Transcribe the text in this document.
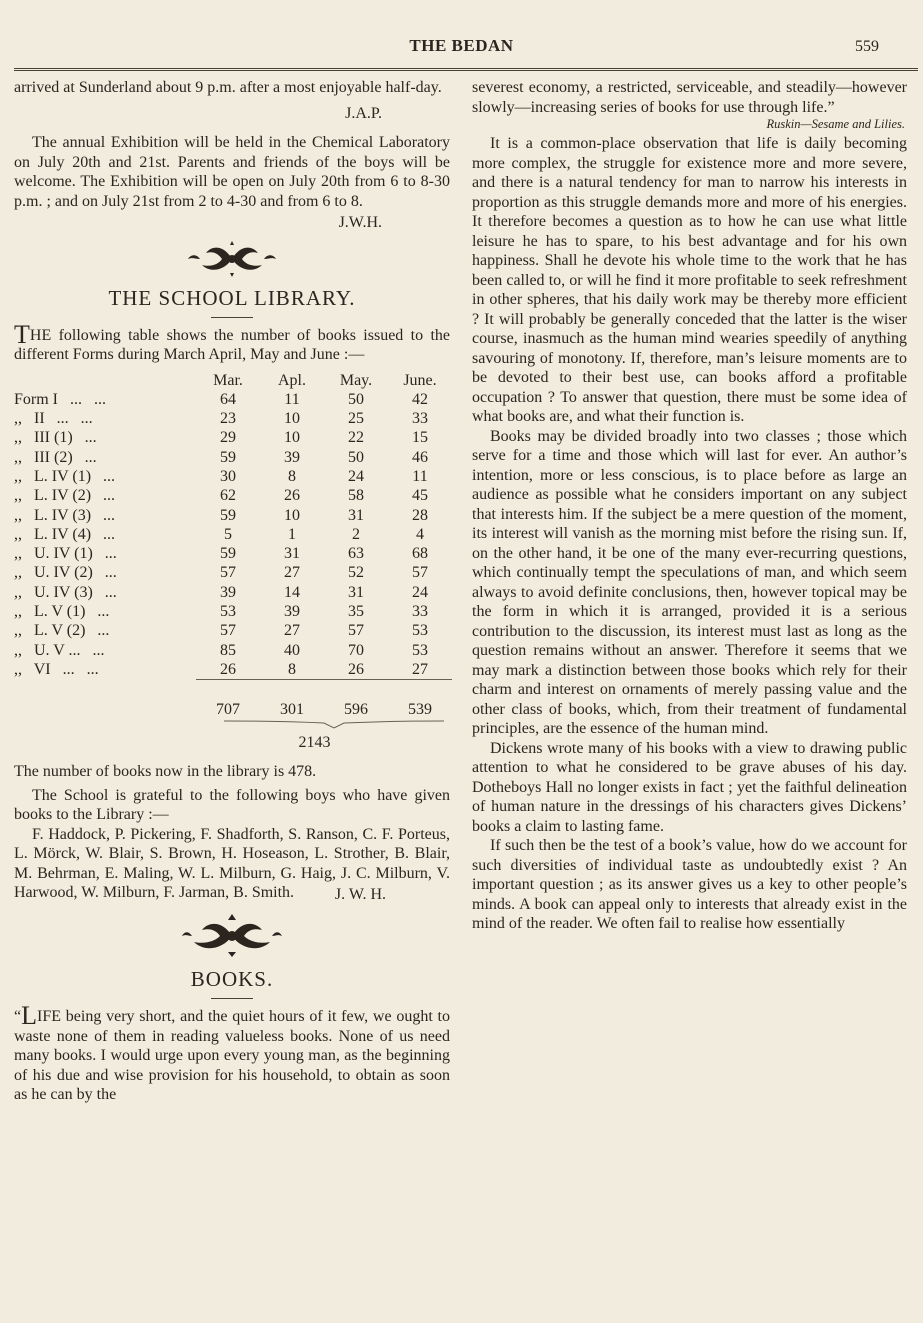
THE BEDAN	559

arrived at Sunderland about 9 p.m. after a most enjoyable half-day.

J.A.P.

The annual Exhibition will be held in the Chemical Laboratory on July 20th and 21st. Parents and friends of the boys will be welcome. The Exhibition will be open on July 20th from 6 to 8-30 p.m. ; and on July 21st from 2 to 4-30 and from 6 to 8.

J.W.H.

THE SCHOOL LIBRARY.

THE following table shows the number of books issued to the different Forms during March April, May and June :—

	Mar.	Apl.	May.	June.
Form I   ...   ...	64	11	50	42
,,   II   ...   ...	23	10	25	33
,,   III (1)   ...	29	10	22	15
,,   III (2)   ...	59	39	50	46
,,   L. IV (1)   ...	30	8	24	11
,,   L. IV (2)   ...	62	26	58	45
,,   L. IV (3)   ...	59	10	31	28
,,   L. IV (4)   ...	5	1	2	4
,,   U. IV (1)   ...	59	31	63	68
,,   U. IV (2)   ...	57	27	52	57
,,   U. IV (3)   ...	39	14	31	24
,,   L. V (1)   ...	53	39	35	33
,,   L. V (2)   ...	57	27	57	53
,,   U. V ...   ...	85	40	70	53
,,   VI   ...   ...	26	8	26	27

	707	301	596	539
2143

The number of books now in the library is 478.

The School is grateful to the following boys who have given books to the Library :—

F. Haddock, P. Pickering, F. Shadforth, S. Ranson, C. F. Porteus, L. Mörck, W. Blair, S. Brown, H. Hoseason, L. Strother, B. Blair, M. Behrman, E. Maling, W. L. Milburn, G. Haig, J. C. Milburn, V. Harwood, W. Milburn, F. Jarman, B. Smith.	J. W. H.

BOOKS.

“LIFE being very short, and the quiet hours of it few, we ought to waste none of them in reading valueless books. None of us need many books. I would urge upon every young man, as the beginning of his due and wise provision for his household, to obtain as soon as he can by the

severest economy, a restricted, serviceable, and steadily—however slowly—increasing series of books for use through life.”

Ruskin—Sesame and Lilies.

It is a common-place observation that life is daily becoming more complex, the struggle for existence more and more severe, and there is a natural tendency for man to narrow his interests in proportion as this struggle demands more and more of his energies. It therefore becomes a question as to how he can use what little leisure he has to spare, to his best advantage and for his own happiness. Shall he devote his whole time to the work that he has been called to, or will he find it more profitable to seek refreshment in other spheres, that his daily work may be thereby more efficient ? It will probably be generally conceded that the latter is the wiser course, inasmuch as the human mind wearies speedily of anything savouring of monotony. If, therefore, man’s leisure moments are to be devoted to their best use, can books afford a profitable occupation ? To answer that question, there must be some idea of what books are, and what their function is.

Books may be divided broadly into two classes ; those which serve for a time and those which will last for ever. An author’s intention, more or less conscious, is to place before as large an audience as possible what he considers important on any subject that interests him. If the subject be a mere question of the moment, its interest will vanish as the morning mist before the rising sun. If, on the other hand, it be one of the many ever-recurring questions, which continually tempt the speculations of man, and which seem always to avoid definite conclusions, then, however topical may be the form in which it is arranged, provided it is a serious contribution to the discussion, its interest must last as long as the question remains without an answer. Therefore it seems that we may mark a distinction between those books which rely for their charm and interest on ornaments of merely passing value and the other class of books, which, from their treatment of fundamental principles, are the essence of the human mind.

Dickens wrote many of his books with a view to drawing public attention to what he considered to be grave abuses of his day. Dotheboys Hall no longer exists in fact ; yet the faithful delineation of human nature in the dressings of his characters gives Dickens’ books a claim to lasting fame.

If such then be the test of a book’s value, how do we account for such diversities of individual taste as undoubtedly exist ? An important question ; as its answer gives us a key to other people’s minds. A book can appeal only to interests that already exist in the mind of the reader. We often fail to realise how essentially
